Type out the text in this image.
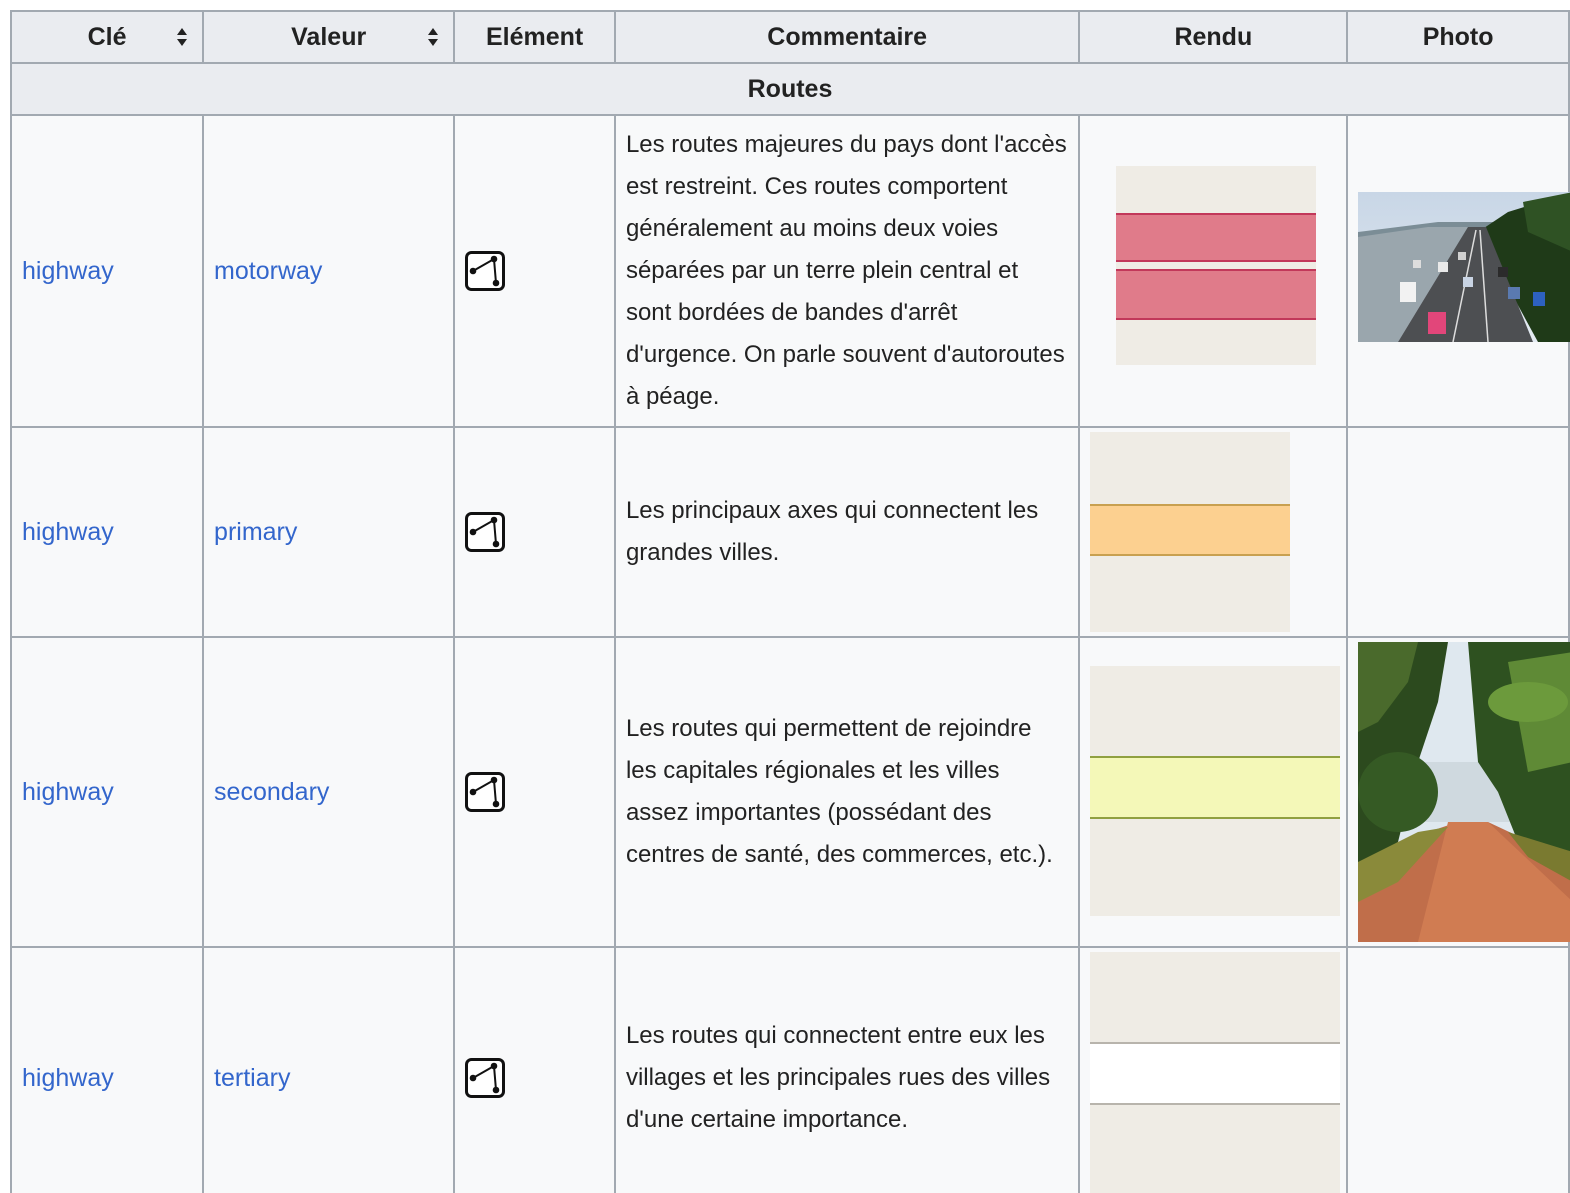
Clé	Valeur	Elément	Commentaire	Rendu	Photo
Routes					
highway	motorway		Les routes majeures du pays dont l'accès est restreint. Ces routes comportent généralement au moins deux voies séparées par un terre plein central et sont bordées de bandes d'arrêt d'urgence. On parle souvent d'autoroutes à péage.	

highway	primary		Les principaux axes qui connectent les grandes villes.	

highway	secondary		Les routes qui permettent de rejoindre les capitales régionales et les villes assez importantes (possédant des centres de santé, des commerces, etc.).	

highway	tertiary		Les routes qui connectent entre eux les villages et les principales rues des villes d'une certaine importance.	
